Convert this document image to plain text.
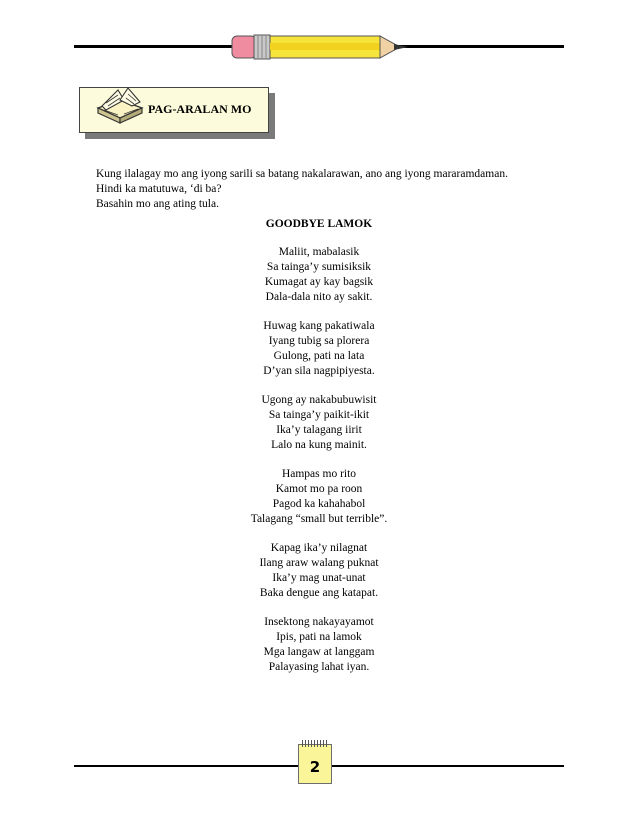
PAG-ARALAN MO
Kung ilalagay mo ang iyong sarili sa batang nakalarawan, ano ang iyong mararamdaman.
Hindi ka matutuwa, ‘di ba?
Basahin mo ang ating tula.
GOODBYE LAMOK
Maliit, mabalasik
Sa tainga’y sumisiksik
Kumagat ay kay bagsik
Dala-dala nito ay sakit.
Huwag kang pakatiwala
Iyang tubig sa plorera
Gulong, pati na lata
D’yan sila nagpipiyesta.
Ugong ay nakabubuwisit
Sa tainga’y paikit-ikit
Ika’y talagang iirit
Lalo na kung mainit.
Hampas mo rito
Kamot mo pa roon
Pagod ka kahahabol
Talagang “small but terrible”.
Kapag ika’y nilagnat
Ilang araw walang puknat
Ika’y mag unat-unat
Baka dengue ang katapat.
Insektong nakayayamot
Ipis, pati na lamok
Mga langaw at langgam
Palayasing lahat iyan.
2
